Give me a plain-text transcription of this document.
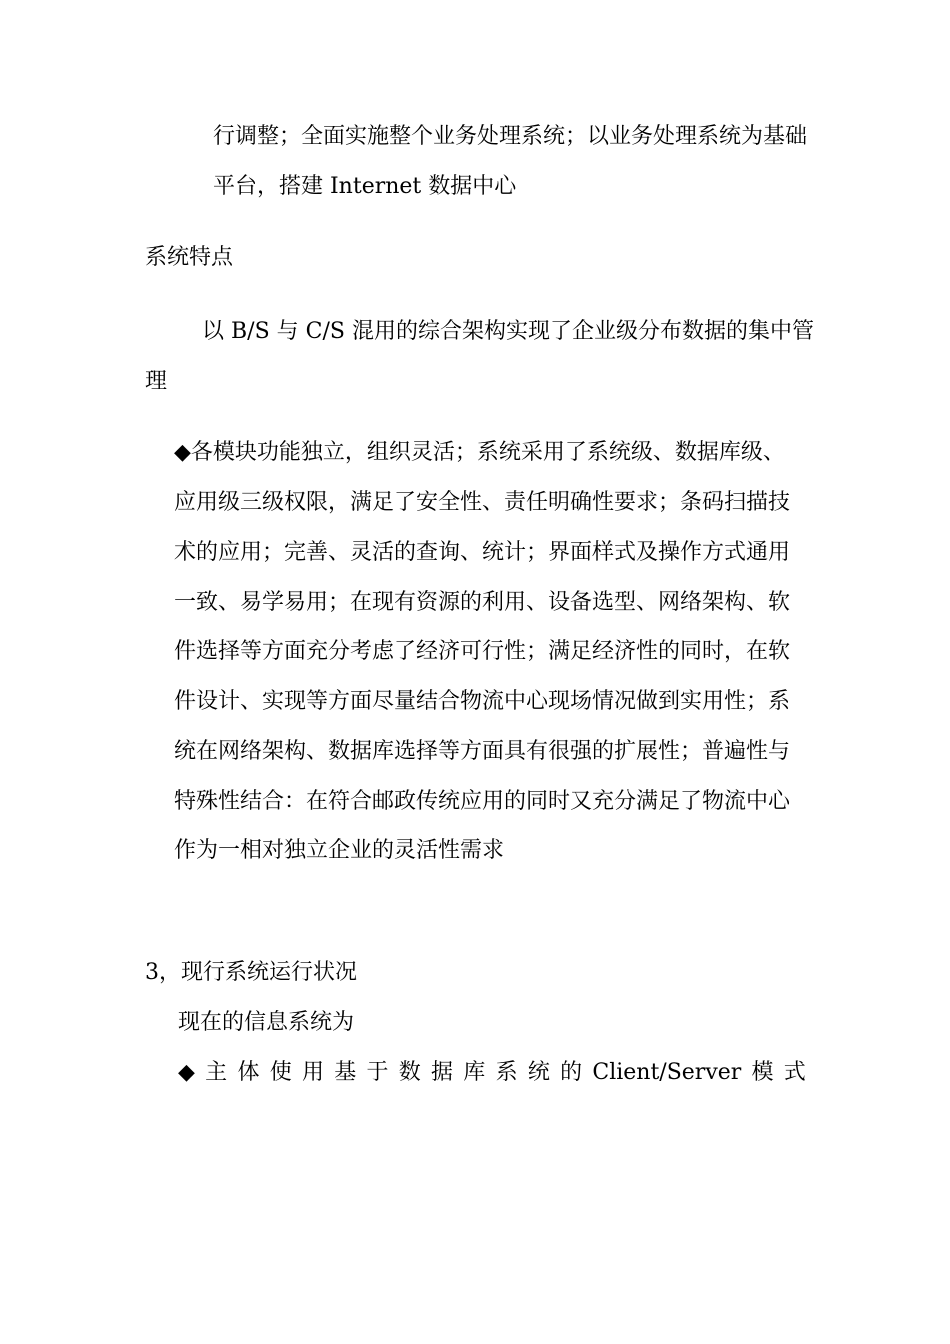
行调整；全面实施整个业务处理系统；以业务处理系统为基础
平台，搭建 Internet 数据中心
系统特点
以 B/S 与 C/S 混用的综合架构实现了企业级分布数据的集中管
理
◆各模块功能独立，组织灵活；系统采用了系统级、数据库级、
应用级三级权限，满足了安全性、责任明确性要求；条码扫描技
术的应用；完善、灵活的查询、统计；界面样式及操作方式通用
一致、易学易用；在现有资源的利用、设备选型、网络架构、软
件选择等方面充分考虑了经济可行性；满足经济性的同时，在软
件设计、实现等方面尽量结合物流中心现场情况做到实用性；系
统在网络架构、数据库选择等方面具有很强的扩展性；普遍性与
特殊性结合：在符合邮政传统应用的同时又充分满足了物流中心
作为一相对独立企业的灵活性需求
3，现行系统运行状况
现在的信息系统为
◆ 主 体 使 用 基 于 数 据 库 系 统 的 Client/Server 模 式
